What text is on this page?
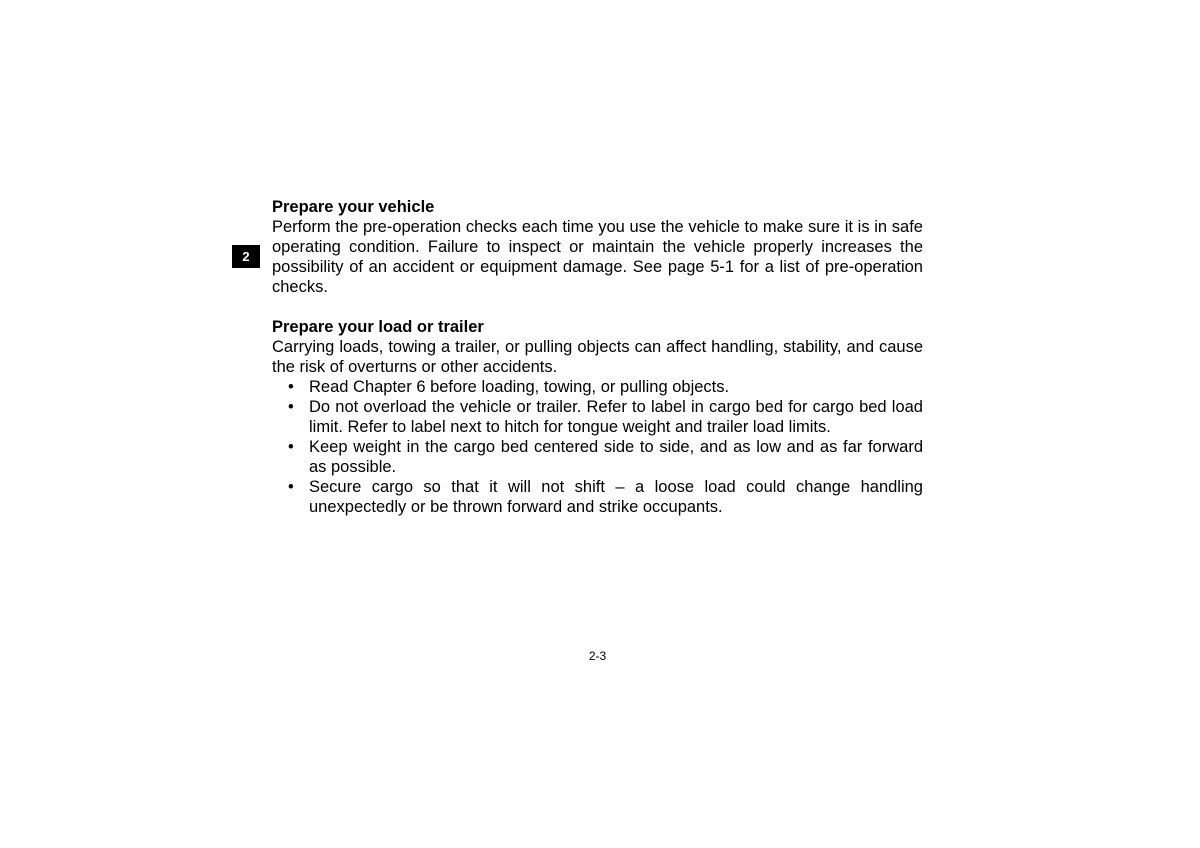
2

Prepare your vehicle

Perform the pre-operation checks each time you use the vehicle to make sure it is in safe operating condition. Failure to inspect or maintain the vehicle properly increases the possibility of an accident or equipment damage. See page 5-1 for a list of pre-operation checks.

Prepare your load or trailer

Carrying loads, towing a trailer, or pulling objects can affect handling, stability, and cause the risk of overturns or other accidents.

• Read Chapter 6 before loading, towing, or pulling objects.
• Do not overload the vehicle or trailer. Refer to label in cargo bed for cargo bed load limit. Refer to label next to hitch for tongue weight and trailer load limits.
• Keep weight in the cargo bed centered side to side, and as low and as far forward as possible.
• Secure cargo so that it will not shift – a loose load could change handling unexpectedly or be thrown forward and strike occupants.
2-3
